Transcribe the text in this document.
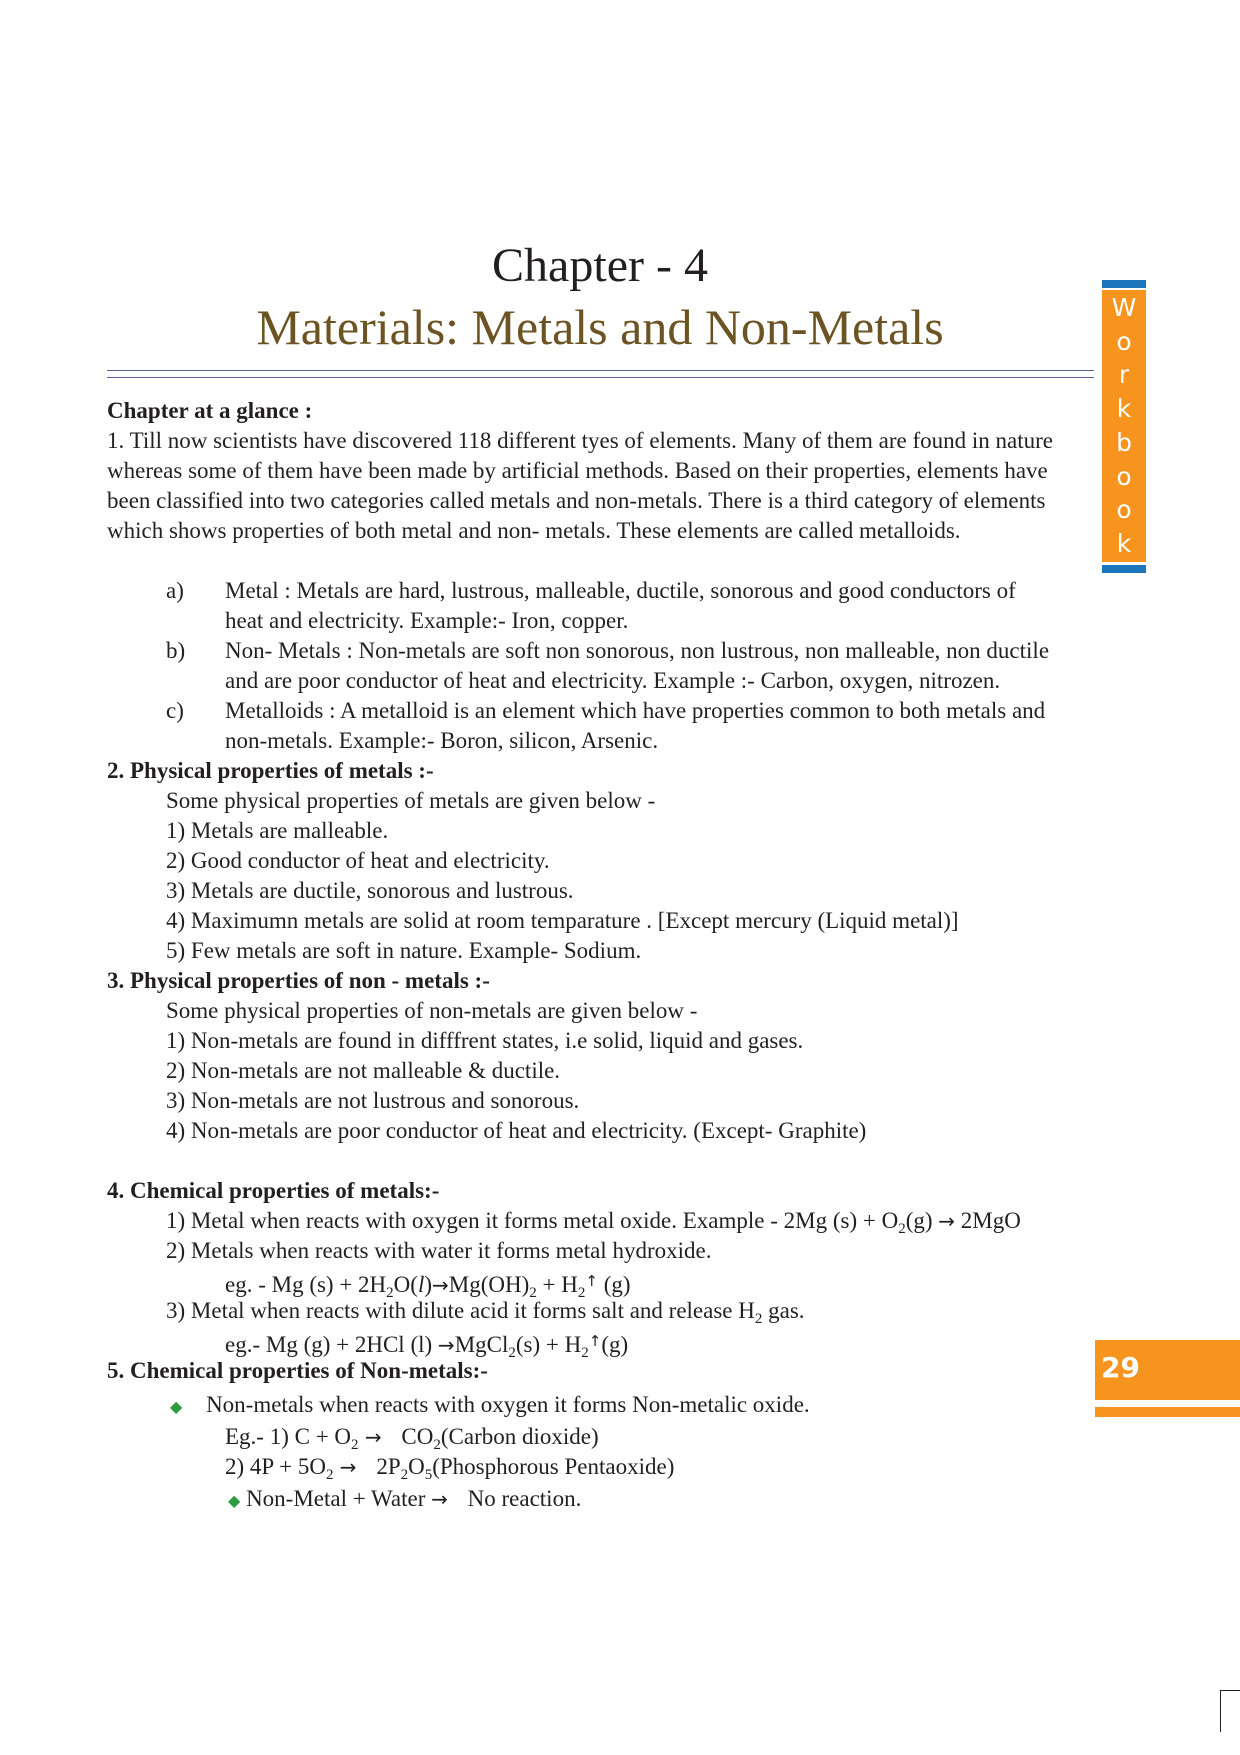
Chapter - 4
Materials: Metals and Non-Metals	W
o
r
k
b
o
o
k
29
Chapter at a glance :
1. Till now scientists have discovered 118 different tyes of elements. Many of them are found in nature
whereas some of them have been made by artificial methods. Based on their properties, elements have
been classified into two categories called metals and non-metals. There is a third category of elements
which shows properties of both metal and non- metals. These elements are called metalloids.
a) Metal : Metals are hard, lustrous, malleable, ductile, sonorous and good conductors of
heat and electricity. Example:- Iron, copper.
b) Non- Metals : Non-metals are soft non sonorous, non lustrous, non malleable, non ductile
and are poor conductor of heat and electricity. Example :- Carbon, oxygen, nitrozen.
c) Metalloids : A metalloid is an element which have properties common to both metals and
non-metals. Example:- Boron, silicon, Arsenic.
2. Physical properties of metals :-
Some physical properties of metals are given below -
1) Metals are malleable.
2) Good conductor of heat and electricity.
3) Metals are ductile, sonorous and lustrous.
4) Maximumn metals are solid at room temparature . [Except mercury (Liquid metal)]
5) Few metals are soft in nature. Example- Sodium.
3. Physical properties of non - metals :-
Some physical properties of non-metals are given below -
1) Non-metals are found in difffrent states, i.e solid, liquid and gases.
2) Non-metals are not malleable & ductile.
3) Non-metals are not lustrous and sonorous.
4) Non-metals are poor conductor of heat and electricity. (Except- Graphite)
4. Chemical properties of metals:-
1) Metal when reacts with oxygen it forms metal oxide. Example - 2Mg $(s) + O_2(g) \to 2MgO$
2) Metals when reacts with water it forms metal hydroxide.
eg. - Mg $(s) + 2H_2O(l)\to Mg(OH)_2 + H_2^↑$ (g)
3) Metal when reacts with dilute acid it forms salt and release $H_2$ gas.
eg.- Mg (g) + 2HCl (l) →MgCl$_2$(s) + $H_2^↑(g)$
5. Chemical properties of Non-metals:-
◆ Non-metals when reacts with oxygen it forms Non-metalic oxide.
Eg.- 1) $C + O_2$ → $CO_2(Carbon$ dioxide)
2) $4P + 5O_2$ → $2P_2O_5(Phosphorous$ Pentaoxide)
◆ Non-Metal + Water → No reaction.
